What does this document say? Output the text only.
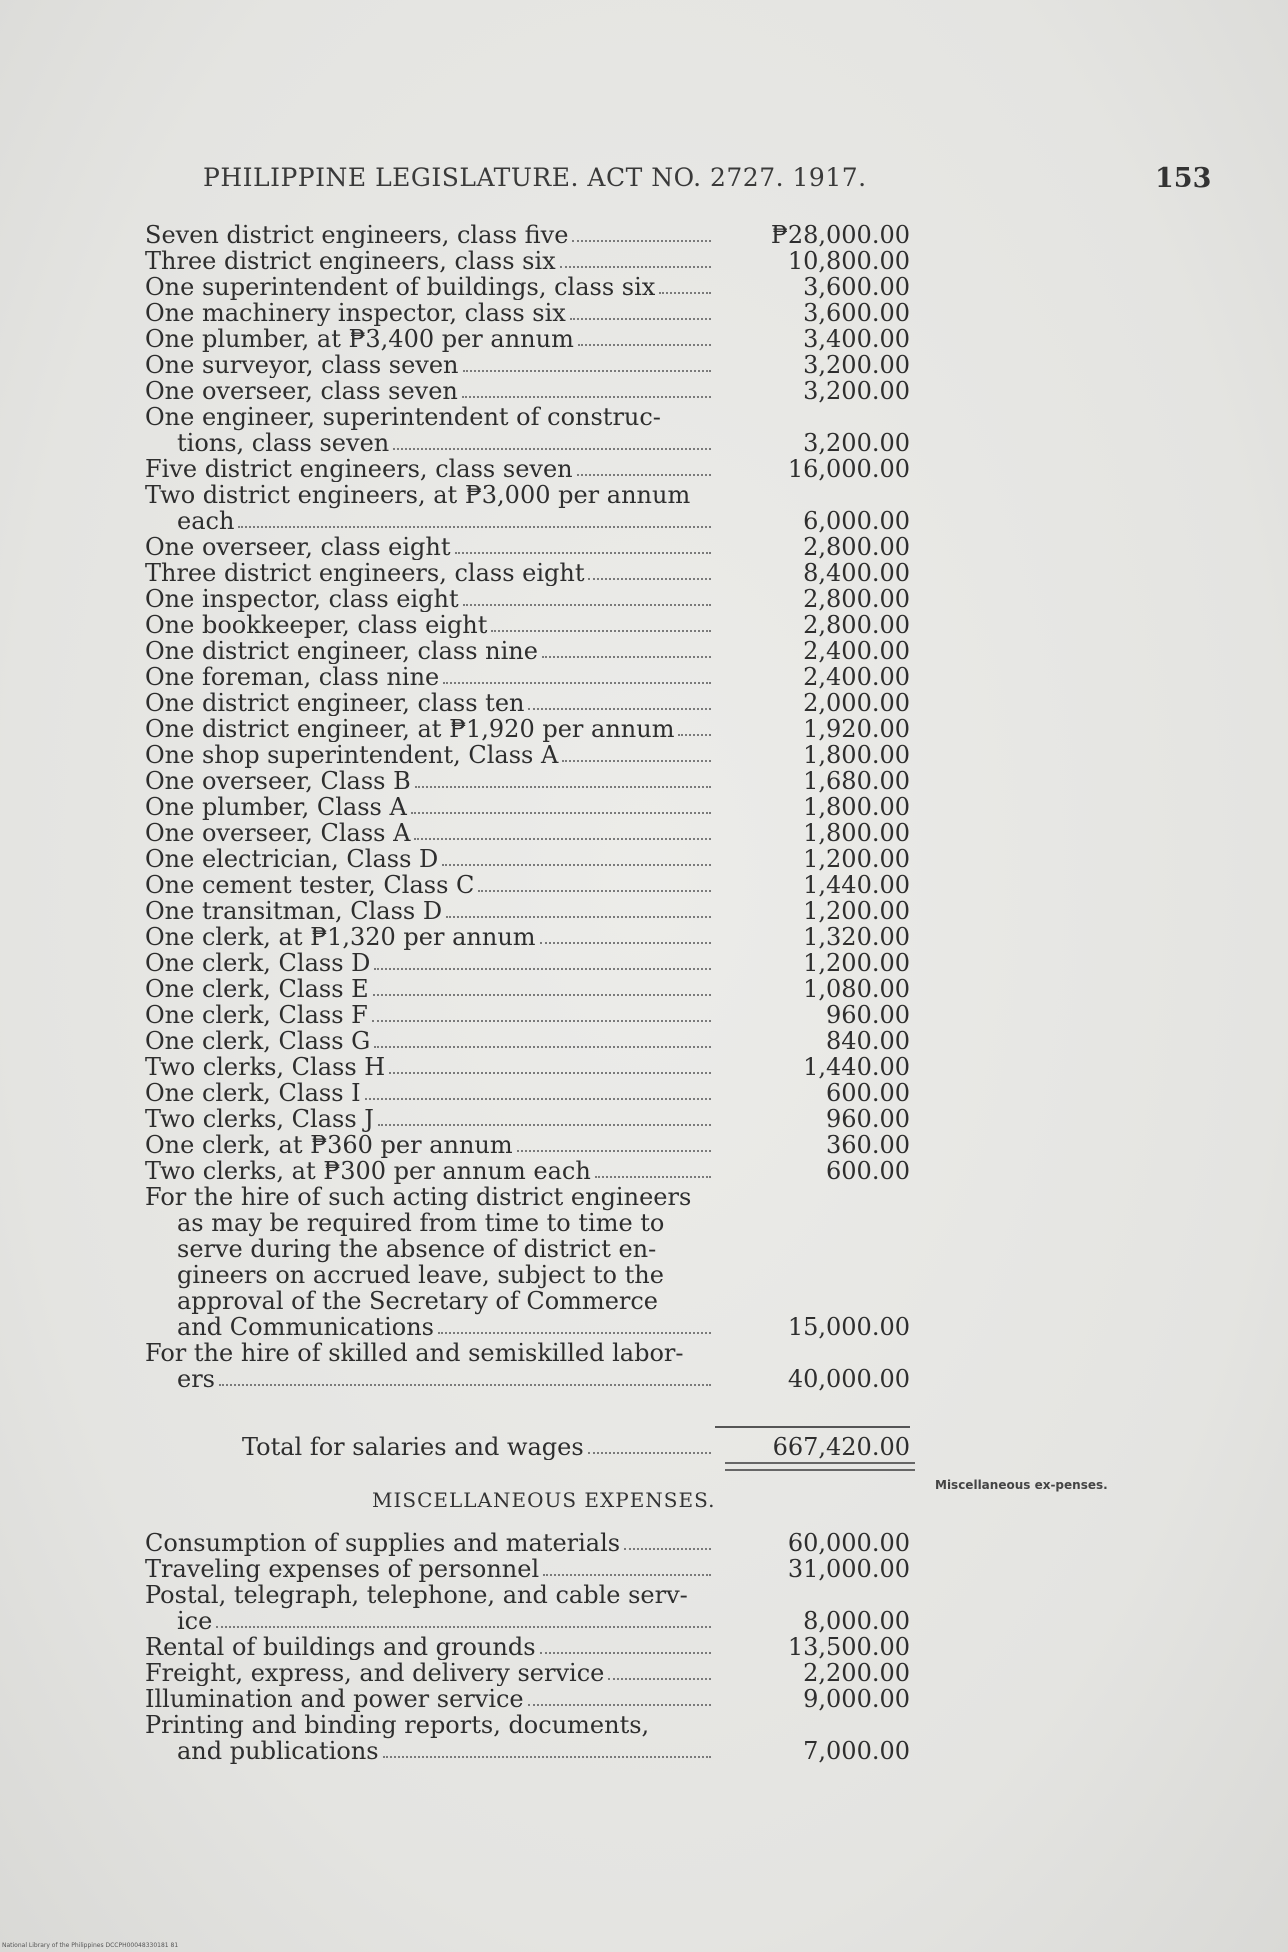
PHILIPPINE LEGISLATURE. ACT NO. 2727. 1917.	153
Seven district engineers, class five	₱28,000.00
Three district engineers, class six	10,800.00
One superintendent of buildings, class six	3,600.00
One machinery inspector, class six	3,600.00
One plumber, at ₱3,400 per annum	3,400.00
One surveyor, class seven	3,200.00
One overseer, class seven	3,200.00
One engineer, superintendent of construc-
tions, class seven	3,200.00
Five district engineers, class seven	16,000.00
Two district engineers, at ₱3,000 per annum
each	6,000.00
One overseer, class eight	2,800.00
Three district engineers, class eight	8,400.00
One inspector, class eight	2,800.00
One bookkeeper, class eight	2,800.00
One district engineer, class nine	2,400.00
One foreman, class nine	2,400.00
One district engineer, class ten	2,000.00
One district engineer, at ₱1,920 per annum	1,920.00
One shop superintendent, Class A	1,800.00
One overseer, Class B	1,680.00
One plumber, Class A	1,800.00
One overseer, Class A	1,800.00
One electrician, Class D	1,200.00
One cement tester, Class C	1,440.00
One transitman, Class D	1,200.00
One clerk, at ₱1,320 per annum	1,320.00
One clerk, Class D	1,200.00
One clerk, Class E	1,080.00
One clerk, Class F	960.00
One clerk, Class G	840.00
Two clerks, Class H	1,440.00
One clerk, Class I	600.00
Two clerks, Class J	960.00
One clerk, at ₱360 per annum	360.00
Two clerks, at ₱300 per annum each	600.00
For the hire of such acting district engineers
as may be required from time to time to
serve during the absence of district en-
gineers on accrued leave, subject to the
approval of the Secretary of Commerce
and Communications	15,000.00
For the hire of skilled and semiskilled labor-
ers	40,000.00
Total for salaries and wages	667,420.00
MISCELLANEOUS EXPENSES.
Miscellaneous ex-penses.
Consumption of supplies and materials	60,000.00
Traveling expenses of personnel	31,000.00
Postal, telegraph, telephone, and cable serv-
ice	8,000.00
Rental of buildings and grounds	13,500.00
Freight, express, and delivery service	2,200.00
Illumination and power service	9,000.00
Printing and binding reports, documents,
and publications	7,000.00
National Library of the Philippines DCCPH00048330181 81
